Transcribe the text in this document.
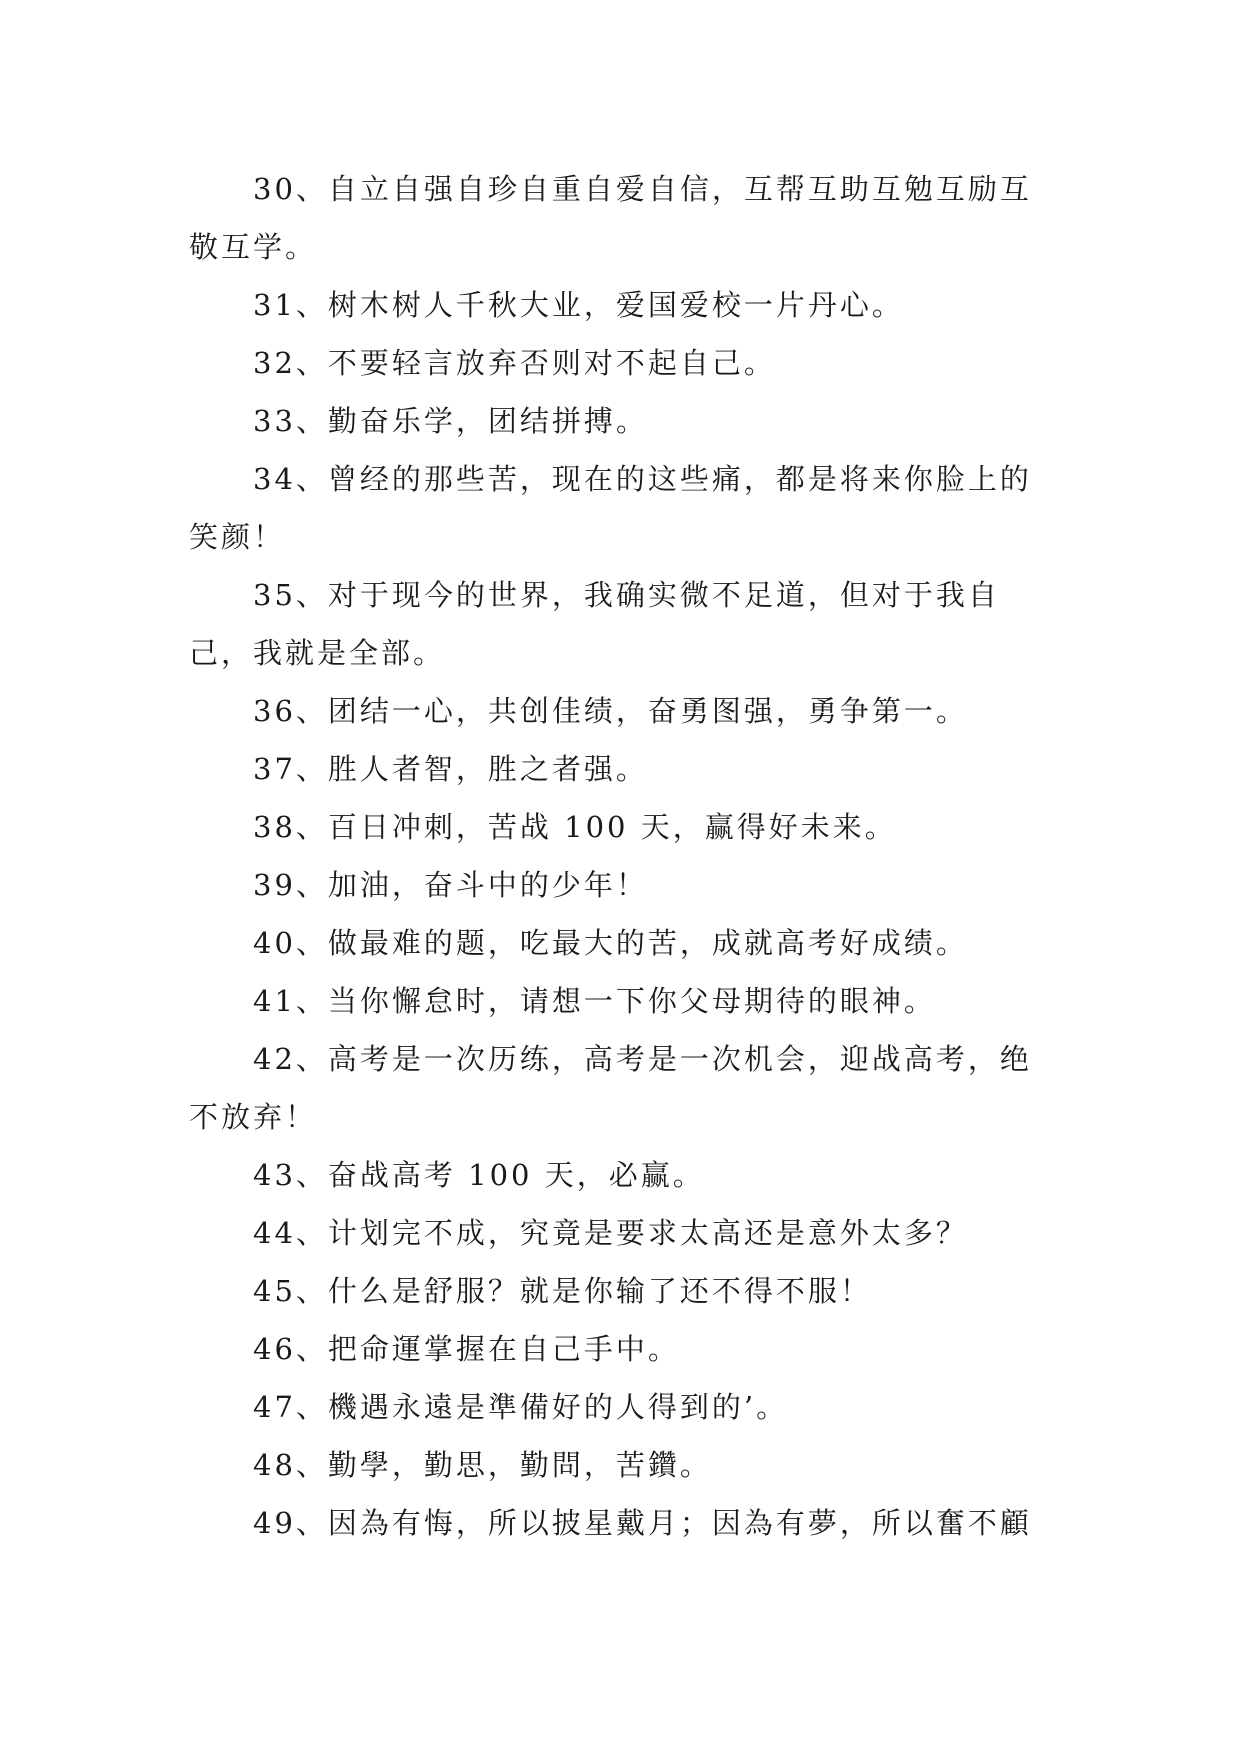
30、自立自强自珍自重自爱自信，互帮互助互勉互励互敬互学。

31、树木树人千秋大业，爱国爱校一片丹心。

32、不要轻言放弃否则对不起自己。

33、勤奋乐学，团结拼搏。

34、曾经的那些苦，现在的这些痛，都是将来你脸上的笑颜！

35、对于现今的世界，我确实微不足道，但对于我自己，我就是全部。

36、团结一心，共创佳绩，奋勇图强，勇争第一。

37、胜人者智，胜之者强。

38、百日冲刺，苦战 100 天，赢得好未来。

39、加油，奋斗中的少年！

40、做最难的题，吃最大的苦，成就高考好成绩。

41、当你懈怠时，请想一下你父母期待的眼神。

42、高考是一次历练，高考是一次机会，迎战高考，绝不放弃！

43、奋战高考 100 天，必赢。

44、计划完不成，究竟是要求太高还是意外太多？

45、什么是舒服？就是你输了还不得不服！

46、把命運掌握在自己手中。

47、機遇永遠是準備好的人得到的’。

48、勤學，勤思，勤問，苦鑽。

49、因為有悔，所以披星戴月；因為有夢，所以奮不顧
